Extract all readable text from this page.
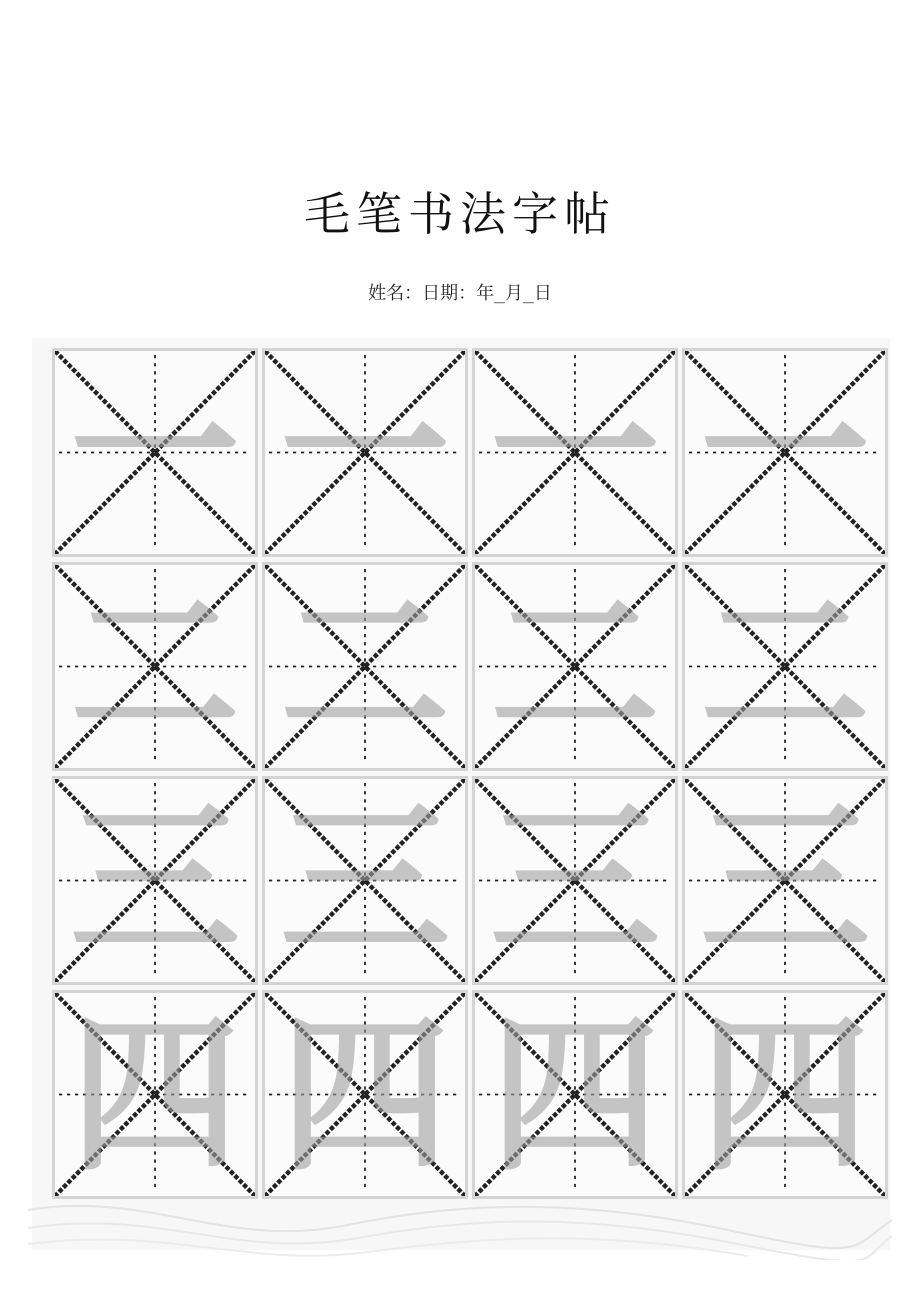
毛笔书法字帖
姓名：日期：年_月_日
一 一 一 一
二 二 二 二
三 三 三 三
四 四 四 四
